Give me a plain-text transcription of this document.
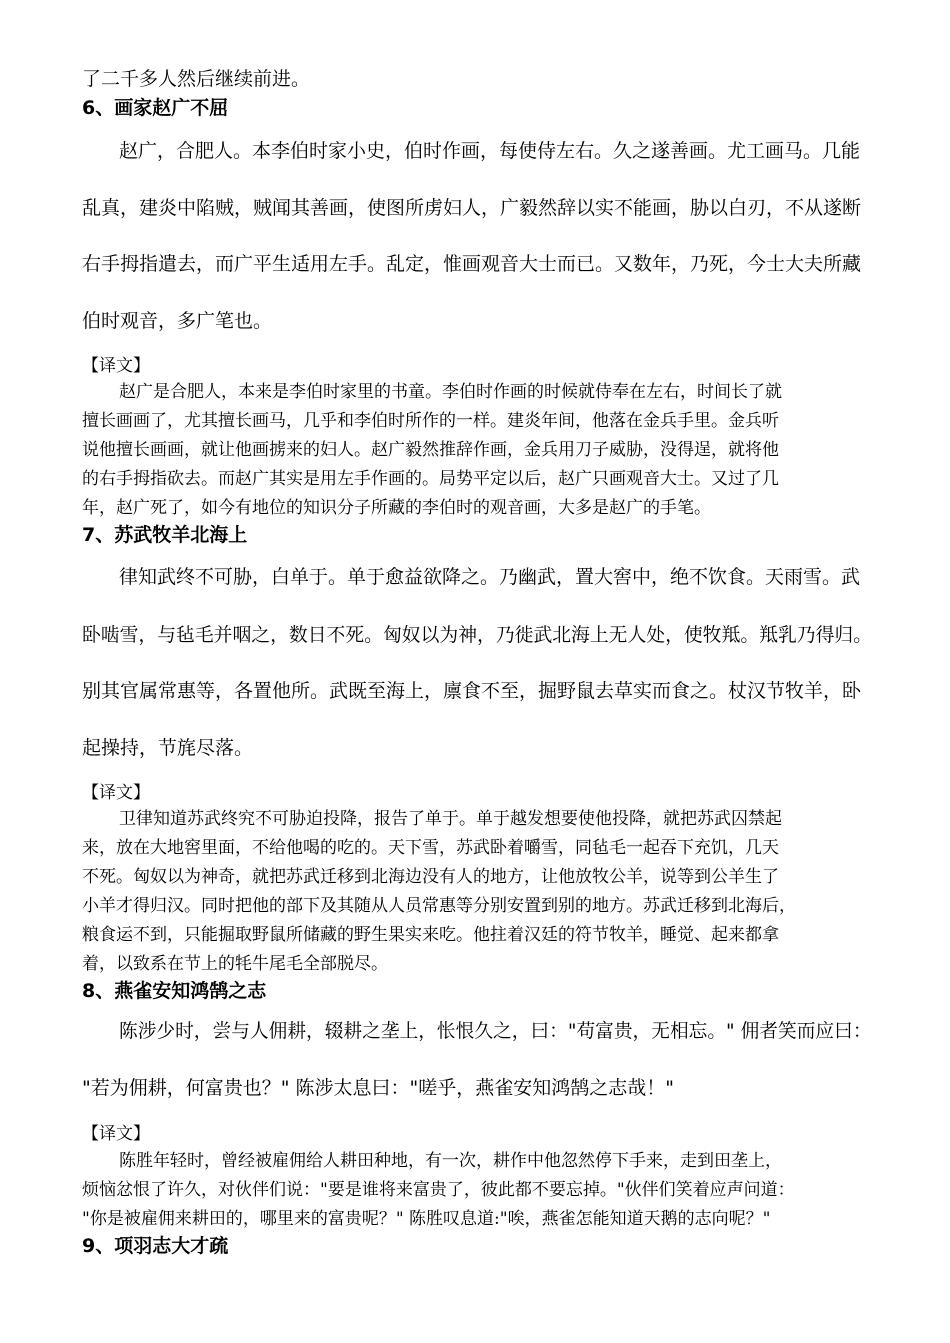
了二千多人然后继续前进。
6、画家赵广不屈
赵广，合肥人。本李伯时家小史，伯时作画，每使侍左右。久之遂善画。尤工画马。几能
乱真，建炎中陷贼，贼闻其善画，使图所虏妇人，广毅然辞以实不能画，胁以白刃，不从遂断
右手拇指遣去，而广平生适用左手。乱定，惟画观音大士而已。又数年，乃死，今士大夫所藏
伯时观音，多广笔也。
【译文】
赵广是合肥人，本来是李伯时家里的书童。李伯时作画的时候就侍奉在左右，时间长了就
擅长画画了，尤其擅长画马，几乎和李伯时所作的一样。建炎年间，他落在金兵手里。金兵听
说他擅长画画，就让他画掳来的妇人。赵广毅然推辞作画，金兵用刀子威胁，没得逞，就将他
的右手拇指砍去。而赵广其实是用左手作画的。局势平定以后，赵广只画观音大士。又过了几
年，赵广死了，如今有地位的知识分子所藏的李伯时的观音画，大多是赵广的手笔。
7、苏武牧羊北海上
律知武终不可胁，白单于。单于愈益欲降之。乃幽武，置大窖中，绝不饮食。天雨雪。武
卧啮雪，与毡毛并咽之，数日不死。匈奴以为神，乃徙武北海上无人处，使牧羝。羝乳乃得归。
别其官属常惠等，各置他所。武既至海上，廪食不至，掘野鼠去草实而食之。杖汉节牧羊，卧
起操持，节旄尽落。
【译文】
卫律知道苏武终究不可胁迫投降，报告了单于。单于越发想要使他投降，就把苏武囚禁起
来，放在大地窖里面，不给他喝的吃的。天下雪，苏武卧着嚼雪，同毡毛一起吞下充饥，几天
不死。匈奴以为神奇，就把苏武迁移到北海边没有人的地方，让他放牧公羊，说等到公羊生了
小羊才得归汉。同时把他的部下及其随从人员常惠等分别安置到别的地方。苏武迁移到北海后，
粮食运不到，只能掘取野鼠所储藏的野生果实来吃。他拄着汉廷的符节牧羊，睡觉、起来都拿
着，以致系在节上的牦牛尾毛全部脱尽。
8、燕雀安知鸿鹄之志
陈涉少时，尝与人佣耕，辍耕之垄上，怅恨久之，曰："苟富贵，无相忘。" 佣者笑而应曰：
"若为佣耕，何富贵也？" 陈涉太息曰："嗟乎，燕雀安知鸿鹄之志哉！"
【译文】
陈胜年轻时，曾经被雇佣给人耕田种地，有一次，耕作中他忽然停下手来，走到田垄上，
烦恼忿恨了许久，对伙伴们说："要是谁将来富贵了，彼此都不要忘掉。"伙伴们笑着应声问道：
"你是被雇佣来耕田的，哪里来的富贵呢？" 陈胜叹息道:"唉，燕雀怎能知道天鹅的志向呢？"
9、项羽志大才疏
